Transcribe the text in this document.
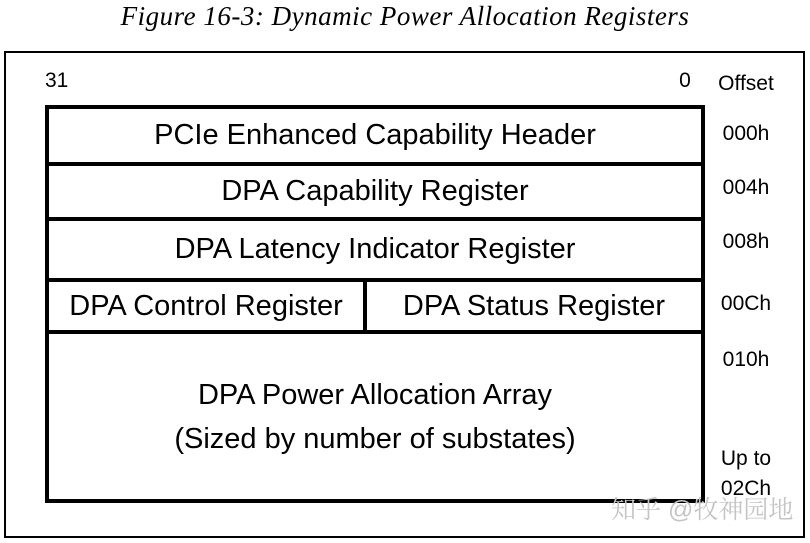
Figure 16-3: Dynamic Power Allocation Registers
31	0 Offset
PCIe Enhanced Capability Header
DPA Capability Register
DPA Latency Indicator Register
DPA Control Register DPA Status Register
DPA Power Allocation Array
(Sized by number of substates)
000h
004h
008h
00Ch
010h
Up to
02Ch
知乎 @牧神园地
